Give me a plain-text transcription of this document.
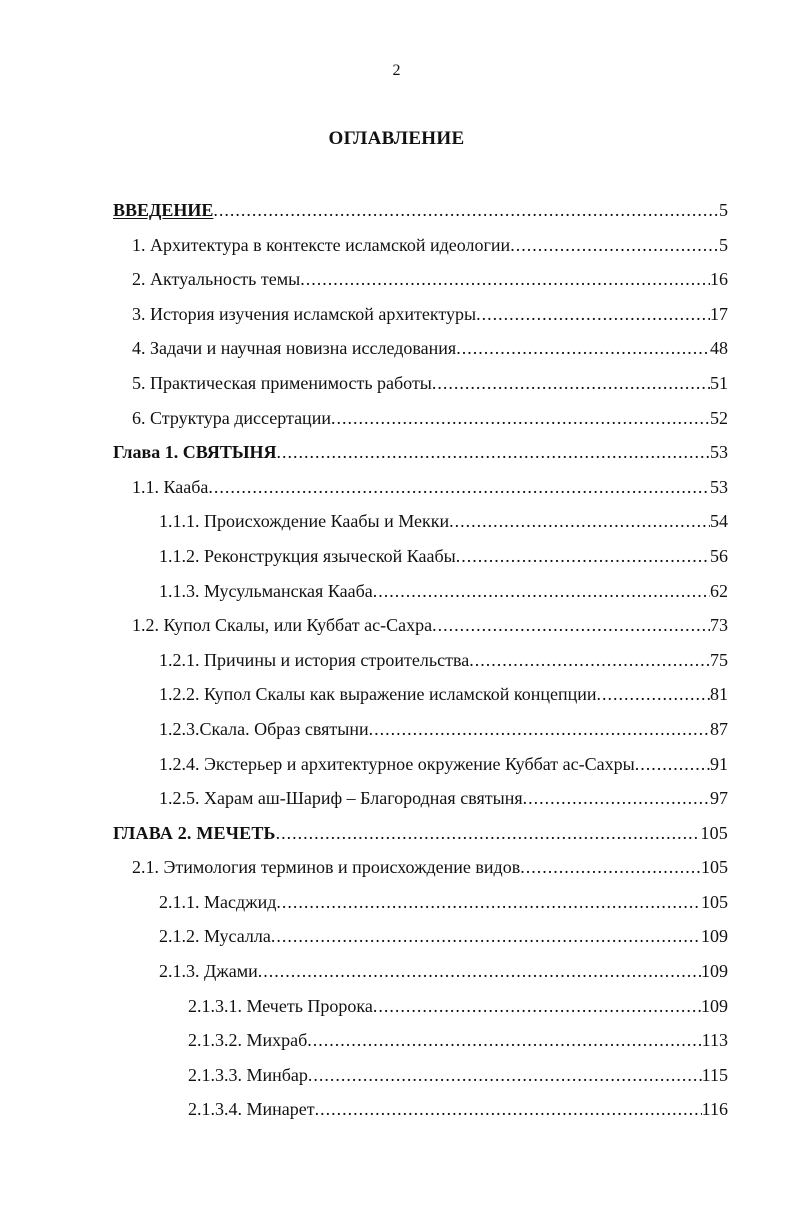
2
ОГЛАВЛЕНИЕ
ВВЕДЕНИЕ .....	5
1. Архитектура в контексте исламской идеологии .....	5
2. Актуальность темы .....	16
3. История изучения исламской архитектуры .....	17
4. Задачи и научная новизна исследования .....	48
5. Практическая применимость работы .....	51
6. Структура диссертации .....	52
Глава 1. СВЯТЫНЯ .....	53
1.1. Кааба .....	53
1.1.1. Происхождение Каабы и Мекки .....	54
1.1.2. Реконструкция языческой Каабы .....	56
1.1.3. Мусульманская Кааба .....	62
1.2. Купол Скалы, или Куббат ас-Сахра .....	73
1.2.1. Причины и история строительства .....	75
1.2.2. Купол Скалы как выражение исламской концепции .....	81
1.2.3.Скала. Образ святыни .....	87
1.2.4. Экстерьер и архитектурное окружение Куббат ас-Сахры .....	91
1.2.5. Харам аш-Шариф – Благородная святыня .....	97
ГЛАВА 2. МЕЧЕТЬ .....	105
2.1. Этимология терминов и происхождение видов .....	105
2.1.1. Масджид .....	105
2.1.2. Мусалла .....	109
2.1.3. Джами .....	109
2.1.3.1. Мечеть Пророка .....	109
2.1.3.2. Михраб .....	113
2.1.3.3. Минбар .....	115
2.1.3.4. Минарет .....	116
